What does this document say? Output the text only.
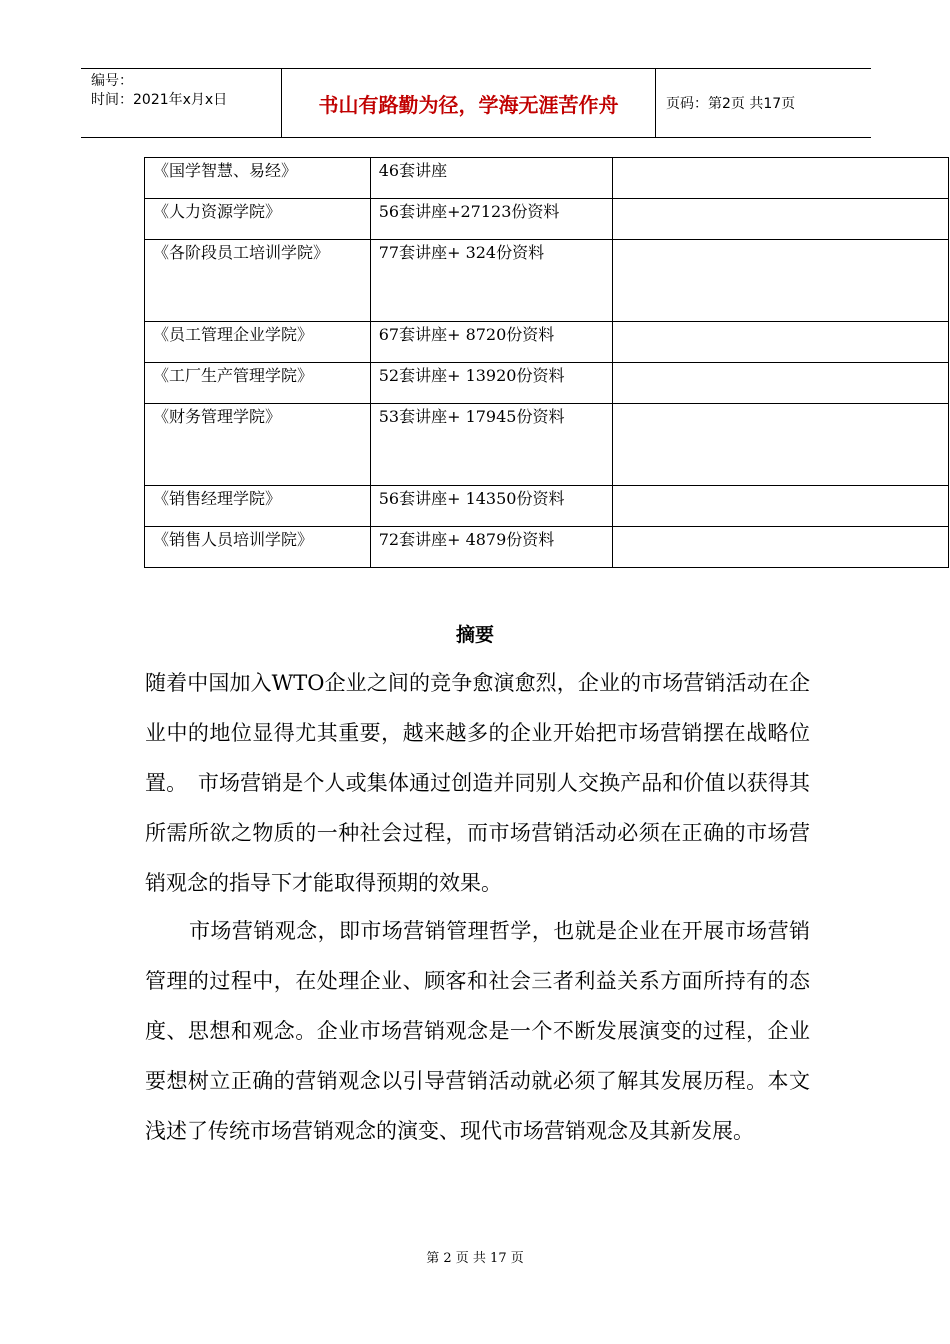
编号：
时间：2021年x月x日	书山有路勤为径，学海无涯苦作舟	页码：第2页 共17页
《国学智慧、易经》	46套讲座	

《人力资源学院》	56套讲座+27123份资料	

《各阶段员工培训学院》	77套讲座+ 324份资料	

《员工管理企业学院》	67套讲座+ 8720份资料	

《工厂生产管理学院》	52套讲座+ 13920份资料	

《财务管理学院》	53套讲座+ 17945份资料	

《销售经理学院》	56套讲座+ 14350份资料	

《销售人员培训学院》	72套讲座+ 4879份资料	

摘要
随着中国加入WTO企业之间的竞争愈演愈烈，企业的市场营销活动在企业中的地位显得尤其重要，越来越多的企业开始把市场营销摆在战略位置。　市场营销是个人或集体通过创造并同别人交换产品和价值以获得其所需所欲之物质的一种社会过程，而市场营销活动必须在正确的市场营销观念的指导下才能取得预期的效果。
市场营销观念，即市场营销管理哲学，也就是企业在开展市场营销管理的过程中，在处理企业、顾客和社会三者利益关系方面所持有的态度、思想和观念。企业市场营销观念是一个不断发展演变的过程，企业要想树立正确的营销观念以引导营销活动就必须了解其发展历程。本文浅述了传统市场营销观念的演变、现代市场营销观念及其新发展。
第 2 页 共 17 页
